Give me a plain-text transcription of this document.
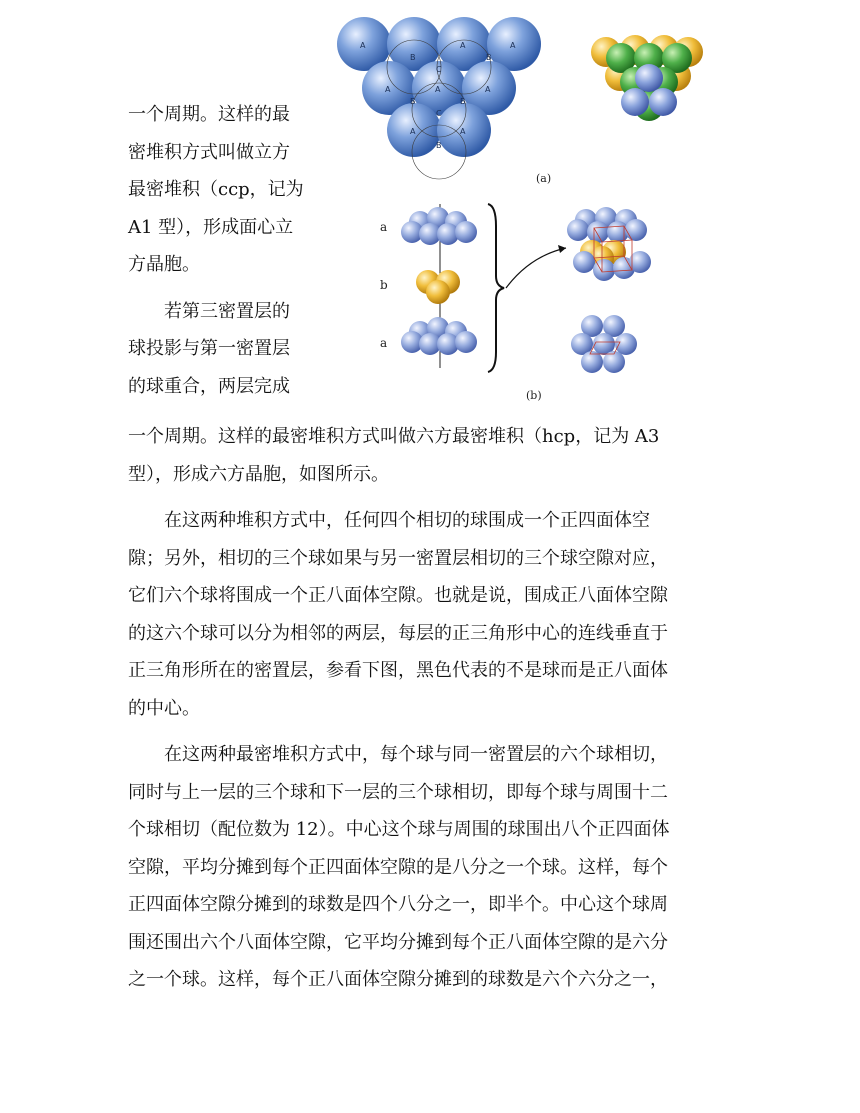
一个周期。这样的最
密堆积方式叫做立方
最密堆积（ccp，记为
A1 型），形成面心立
方晶胞。

若第三密置层的
球投影与第一密置层
的球重合，两层完成

A
B
A	A
C
B
A	A	A
B	B
C
A	A
B
(a)
a
b
a
(b)

一个周期。这样的最密堆积方式叫做六方最密堆积（hcp，记为 A3
型），形成六方晶胞，如图所示。

在这两种堆积方式中，任何四个相切的球围成一个正四面体空
隙；另外，相切的三个球如果与另一密置层相切的三个球空隙对应，
它们六个球将围成一个正八面体空隙。也就是说，围成正八面体空隙
的这六个球可以分为相邻的两层，每层的正三角形中心的连线垂直于
正三角形所在的密置层，参看下图，黑色代表的不是球而是正八面体
的中心。

在这两种最密堆积方式中，每个球与同一密置层的六个球相切，
同时与上一层的三个球和下一层的三个球相切，即每个球与周围十二
个球相切（配位数为 12）。中心这个球与周围的球围出八个正四面体
空隙，平均分摊到每个正四面体空隙的是八分之一个球。这样，每个
正四面体空隙分摊到的球数是四个八分之一，即半个。中心这个球周
围还围出六个八面体空隙，它平均分摊到每个正八面体空隙的是六分
之一个球。这样，每个正八面体空隙分摊到的球数是六个六分之一，
